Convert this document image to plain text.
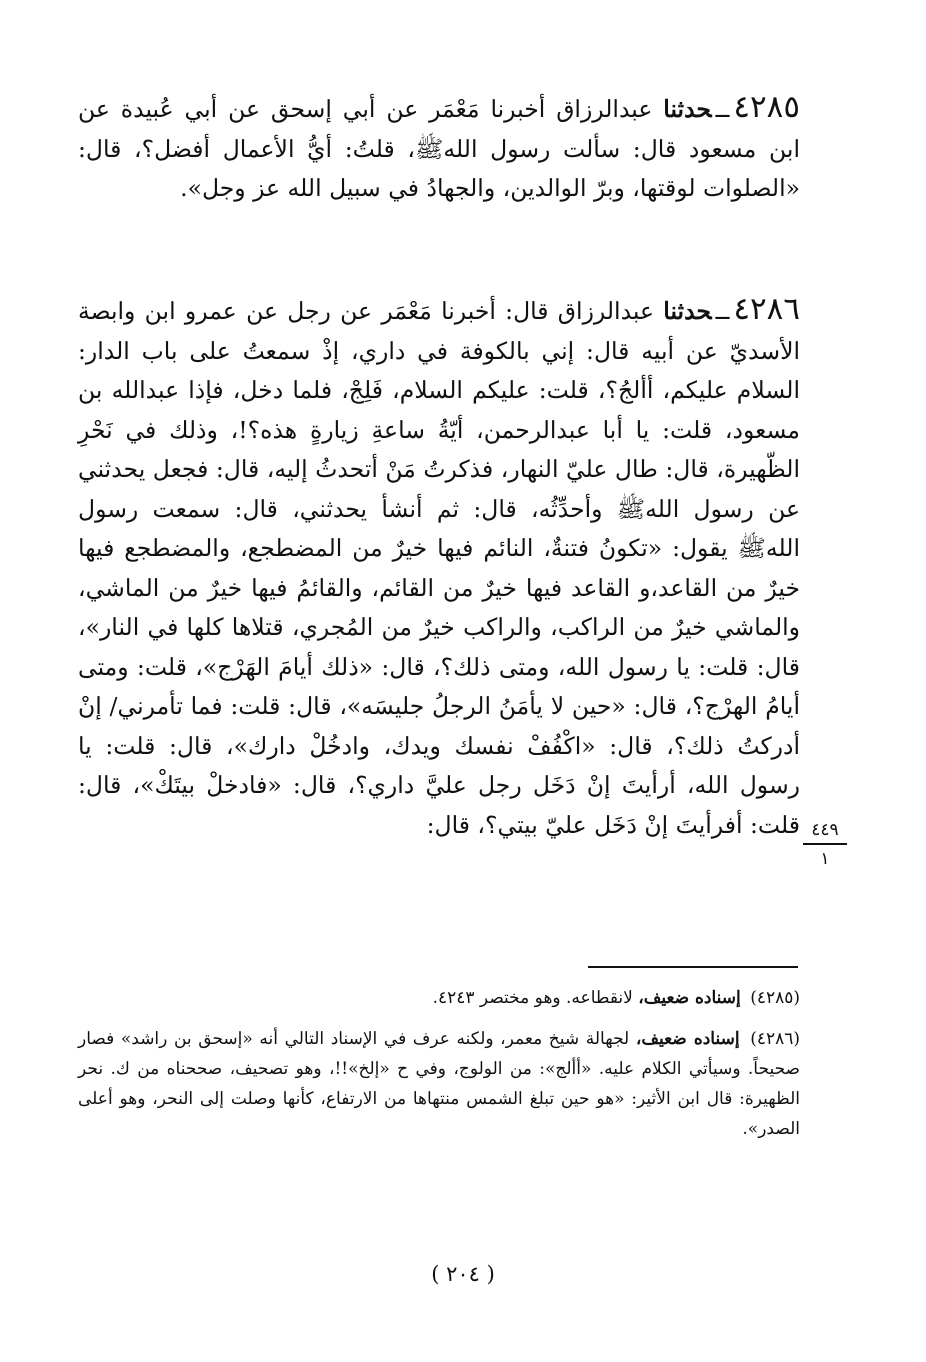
٤٢٨٥ــحدثنا عبدالرزاق أخبرنا مَعْمَر عن أبي إسحق عن أبي عُبيدة عن ابن مسعود قال: سألت رسول اللهﷺ، قلتُ: أيُّ الأعمال أفضل؟، قال: «الصلوات لوقتها، وبرّ الوالدين، والجهادُ في سبيل الله عز وجل».

٤٢٨٦ــحدثنا عبدالرزاق قال: أخبرنا مَعْمَر عن رجل عن عمرو ابن وابصة الأسديّ عن أبيه قال: إني بالكوفة في داري، إذْ سمعتُ على باب الدار: السلام عليكم، أألجُ؟، قلت: عليكم السلام، فَلِجْ، فلما دخل، فإذا عبدالله بن مسعود، قلت: يا أبا عبدالرحمن، أيّةُ ساعةِ زيارةٍ هذه؟!، وذلك في نَحْرِ الظّهيرة، قال: طال عليّ النهار، فذكرتُ مَنْ أتحدثُ إليه، قال: فجعل يحدثني عن رسول اللهﷺ وأحدِّثُه، قال: ثم أنشأ يحدثني، قال: سمعت رسول اللهﷺ يقول: «تكونُ فتنةٌ، النائم فيها خيرٌ من المضطجع، والمضطجع فيها خيرٌ من القاعد،و القاعد فيها خيرٌ من القائم، والقائمُ فيها خيرٌ من الماشي، والماشي خيرٌ من الراكب، والراكب خيرٌ من المُجري، قتلاها كلها في النار»، قال: قلت: يا رسول الله، ومتى ذلك؟، قال: «ذلك أيامَ الهَرْج»، قلت: ومتى أيامُ الهرْج؟، قال: «حين لا يأمَنُ الرجلُ جليسَه»، قال: قلت: فما تأمرني/ إنْ أدركتُ ذلك؟، قال: «اكْفُفْ نفسك ويدك، وادخُلْ دارك»، قال: قلت: يا رسول الله، أرأيتَ إنْ دَخَل رجل عليَّ داري؟، قال: «فادخلْ بيتَكْ»، قال: قلت: أفرأيتَ إنْ دَخَل عليّ بيتي؟، قال: ٤٤٩
١

(٤٢٨٥) إسناده ضعيف، لانقطاعه. وهو مختصر ٤٢٤٣.

(٤٢٨٦) إسناده ضعيف، لجهالة شيخ معمر، ولكنه عرف في الإسناد التالي أنه «إسحق بن راشد» فصار صحيحاً. وسيأتي الكلام عليه. «أألج»: من الولوج، وفي ح «إلخ»!!، وهو تصحيف، صححناه من ك. نحر الظهيرة: قال ابن الأثير: «هو حين تبلغ الشمس منتهاها من الارتفاع، كأنها وصلت إلى النحر، وهو أعلى الصدر».

( ٢٠٤ )
